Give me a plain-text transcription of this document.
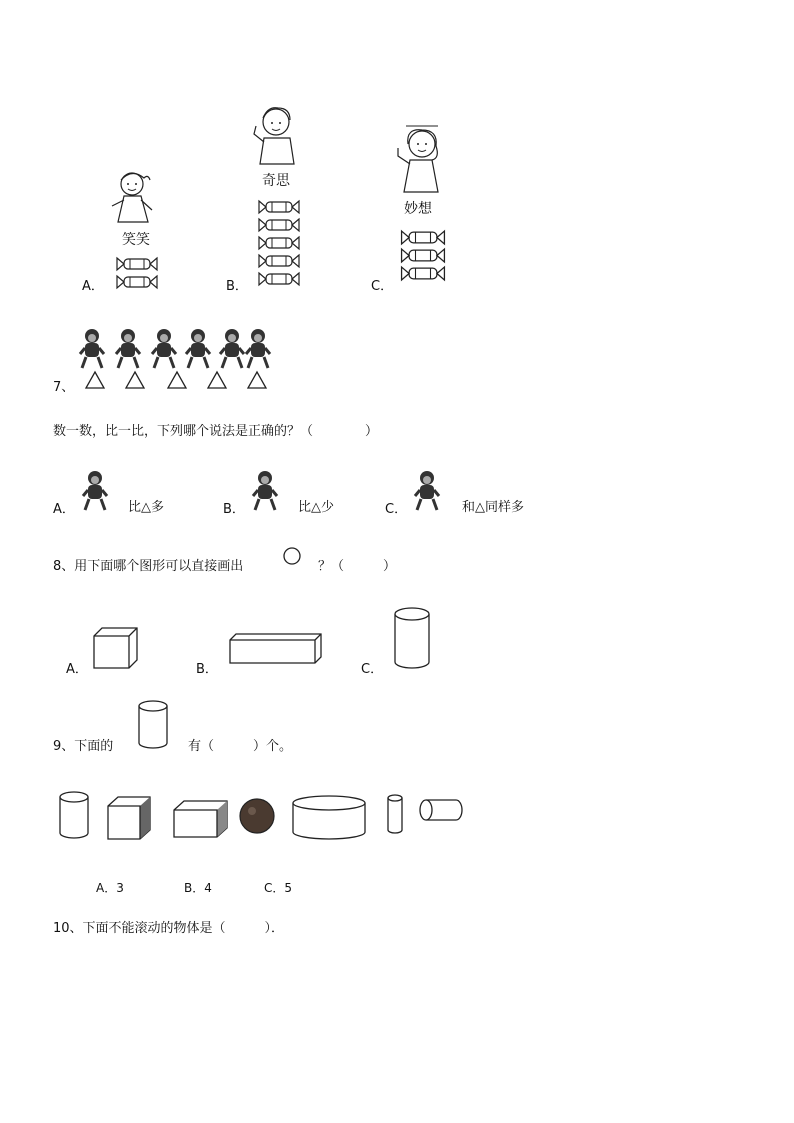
笑笑
A．
奇思
B．
妙想
C．
7、
数一数，比一比，下列哪个说法是正确的？（　　　　）
A．	比△多	B．	比△少	C．	和△同样多
8、用下面哪个图形可以直接画出	？（　　　）
A．	B．	C．
9、下面的	有（　　　）个。
A．3	B．4	C．5
10、下面不能滚动的物体是（　　　）．
